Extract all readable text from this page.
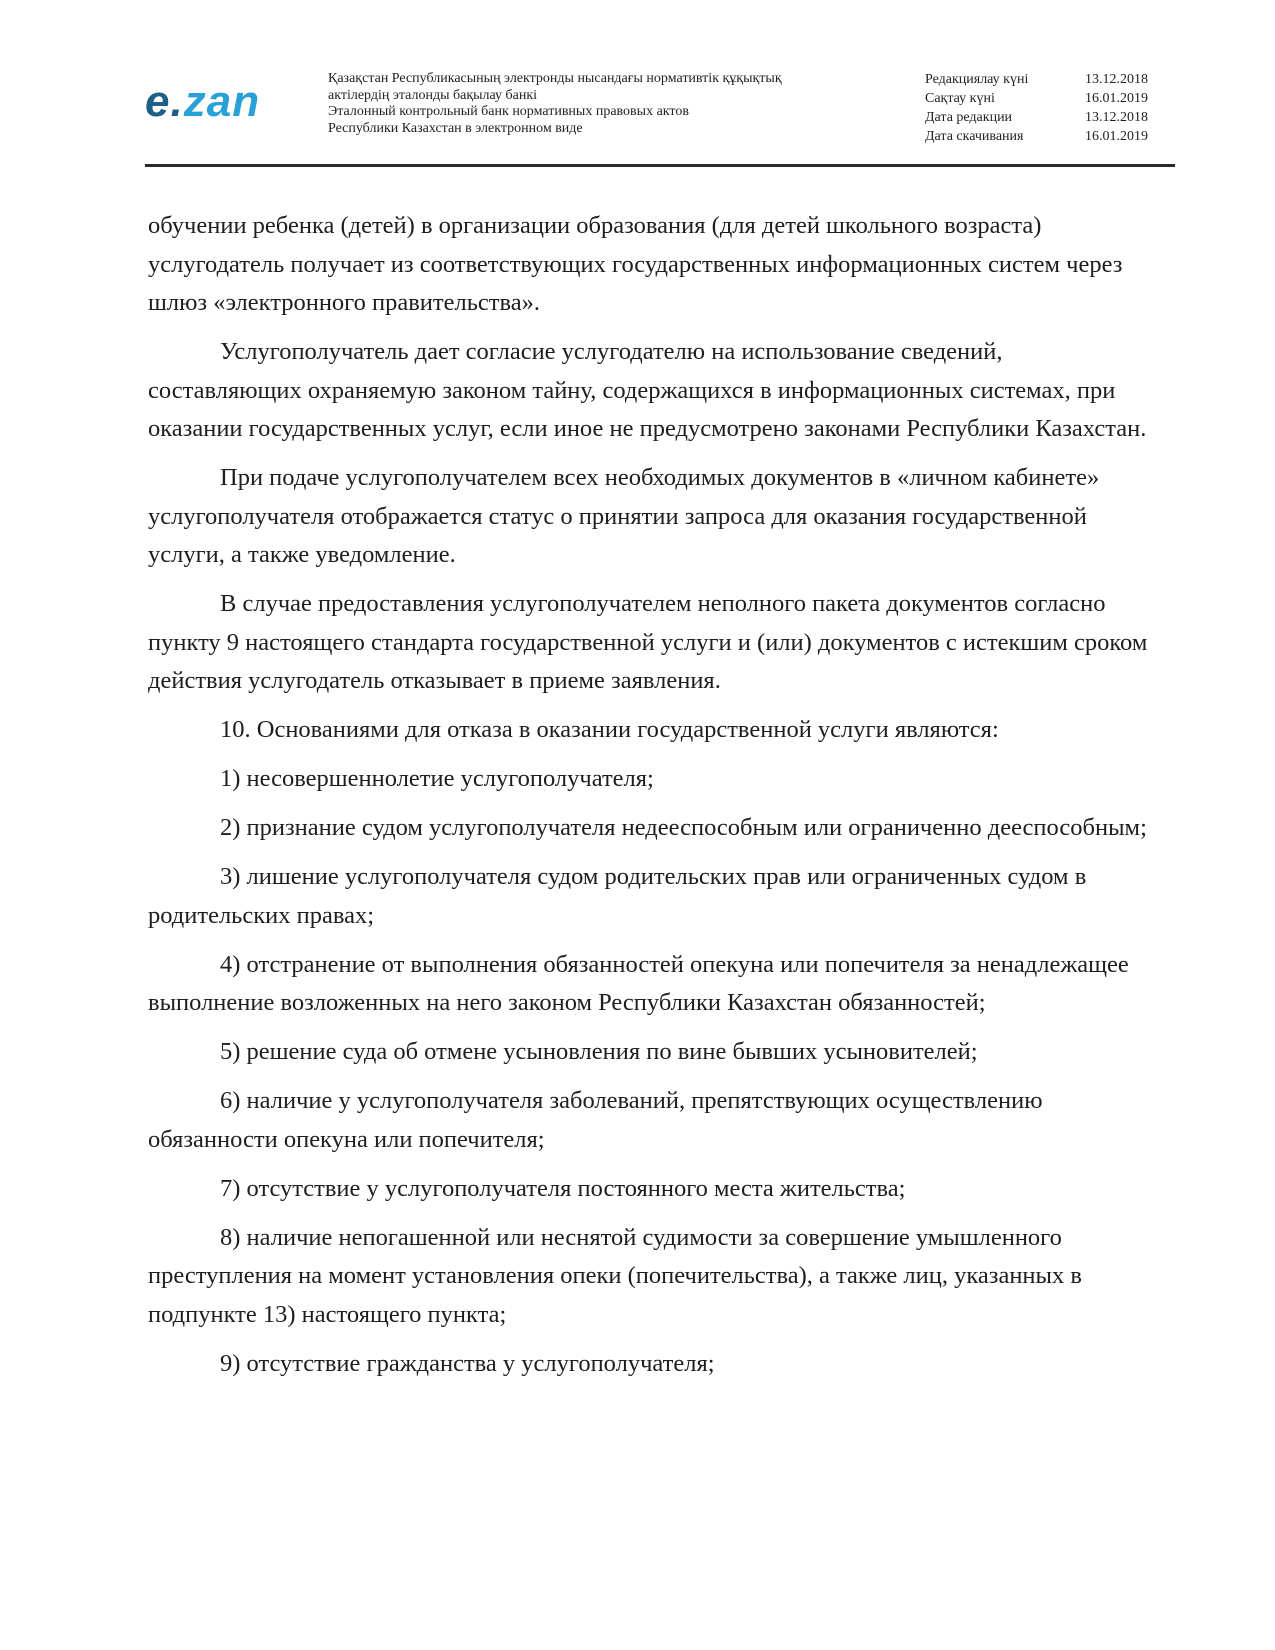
e.zan	Қазақстан Республикасының электронды нысандағы нормативтік құқықтық
актілердің эталонды бақылау банкі
Эталонный контрольный банк нормативных правовых актов
Республики Казахстан в электронном виде
Редакциялау күні	13.12.2018
Сақтау күні	16.01.2019
Дата редакции	13.12.2018
Дата скачивания	16.01.2019

обучении ребенка (детей) в организации образования (для детей школьного возраста) услугодатель получает из соответствующих государственных информационных систем через шлюз «электронного правительства».

Услугополучатель дает согласие услугодателю на использование сведений, составляющих охраняемую законом тайну, содержащихся в информационных системах, при оказании государственных услуг, если иное не предусмотрено законами Республики Казахстан.

При подаче услугополучателем всех необходимых документов в «личном кабинете» услугополучателя отображается статус о принятии запроса для оказания государственной услуги, а также уведомление.

В случае предоставления услугополучателем неполного пакета документов согласно пункту 9 настоящего стандарта государственной услуги и (или) документов с истекшим сроком действия услугодатель отказывает в приеме заявления.

10. Основаниями для отказа в оказании государственной услуги являются:

1) несовершеннолетие услугополучателя;

2) признание судом услугополучателя недееспособным или ограниченно дееспособным;

3) лишение услугополучателя судом родительских прав или ограниченных судом в родительских правах;

4) отстранение от выполнения обязанностей опекуна или попечителя за ненадлежащее выполнение возложенных на него законом Республики Казахстан обязанностей;

5) решение суда об отмене усыновления по вине бывших усыновителей;

6) наличие у услугополучателя заболеваний, препятствующих осуществлению обязанности опекуна или попечителя;

7) отсутствие у услугополучателя постоянного места жительства;

8) наличие непогашенной или неснятой судимости за совершение умышленного преступления на момент установления опеки (попечительства), а также лиц, указанных в подпункте 13) настоящего пункта;

9) отсутствие гражданства у услугополучателя;
